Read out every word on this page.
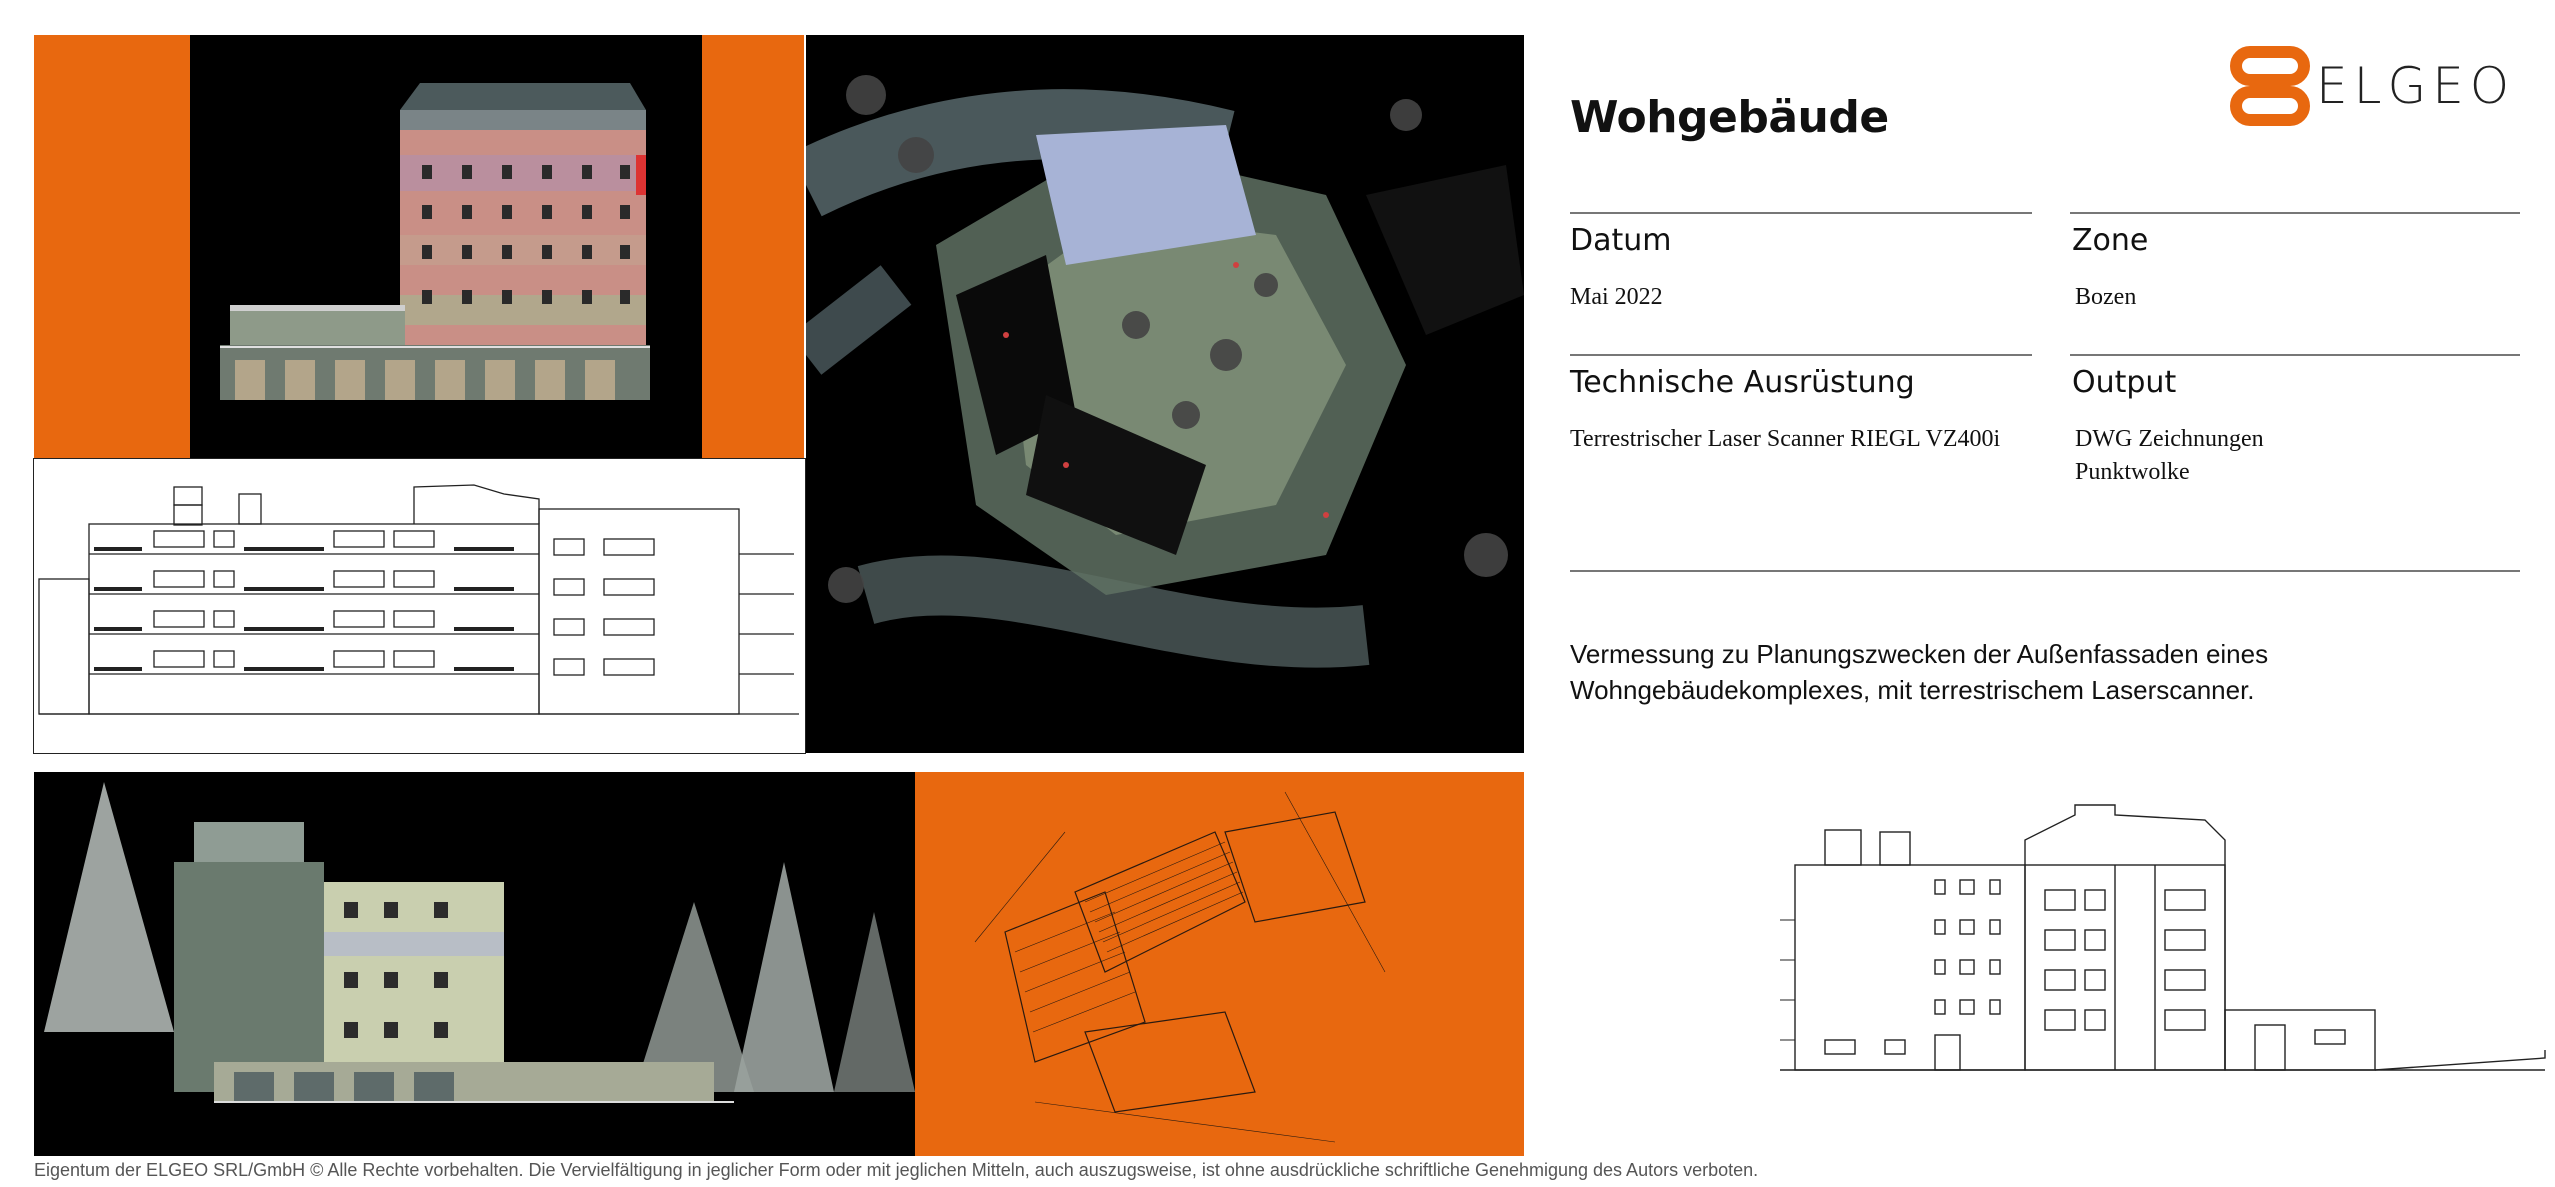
ELGEO
Wohgebäude
Datum	Zone
Mai 2022	Bozen
Technische Ausrüstung	Output
Terrestrischer Laser Scanner RIEGL VZ400i	DWG Zeichnungen
Punktwolke
Vermessung zu Planungszwecken der Außenfassaden eines Wohngebäudekomplexes, mit terrestrischem Laserscanner.
Eigentum der ELGEO SRL/GmbH © Alle Rechte vorbehalten. Die Vervielfältigung in jeglicher Form oder mit jeglichen Mitteln, auch auszugsweise, ist ohne ausdrückliche schriftliche Genehmigung des Autors verboten.
